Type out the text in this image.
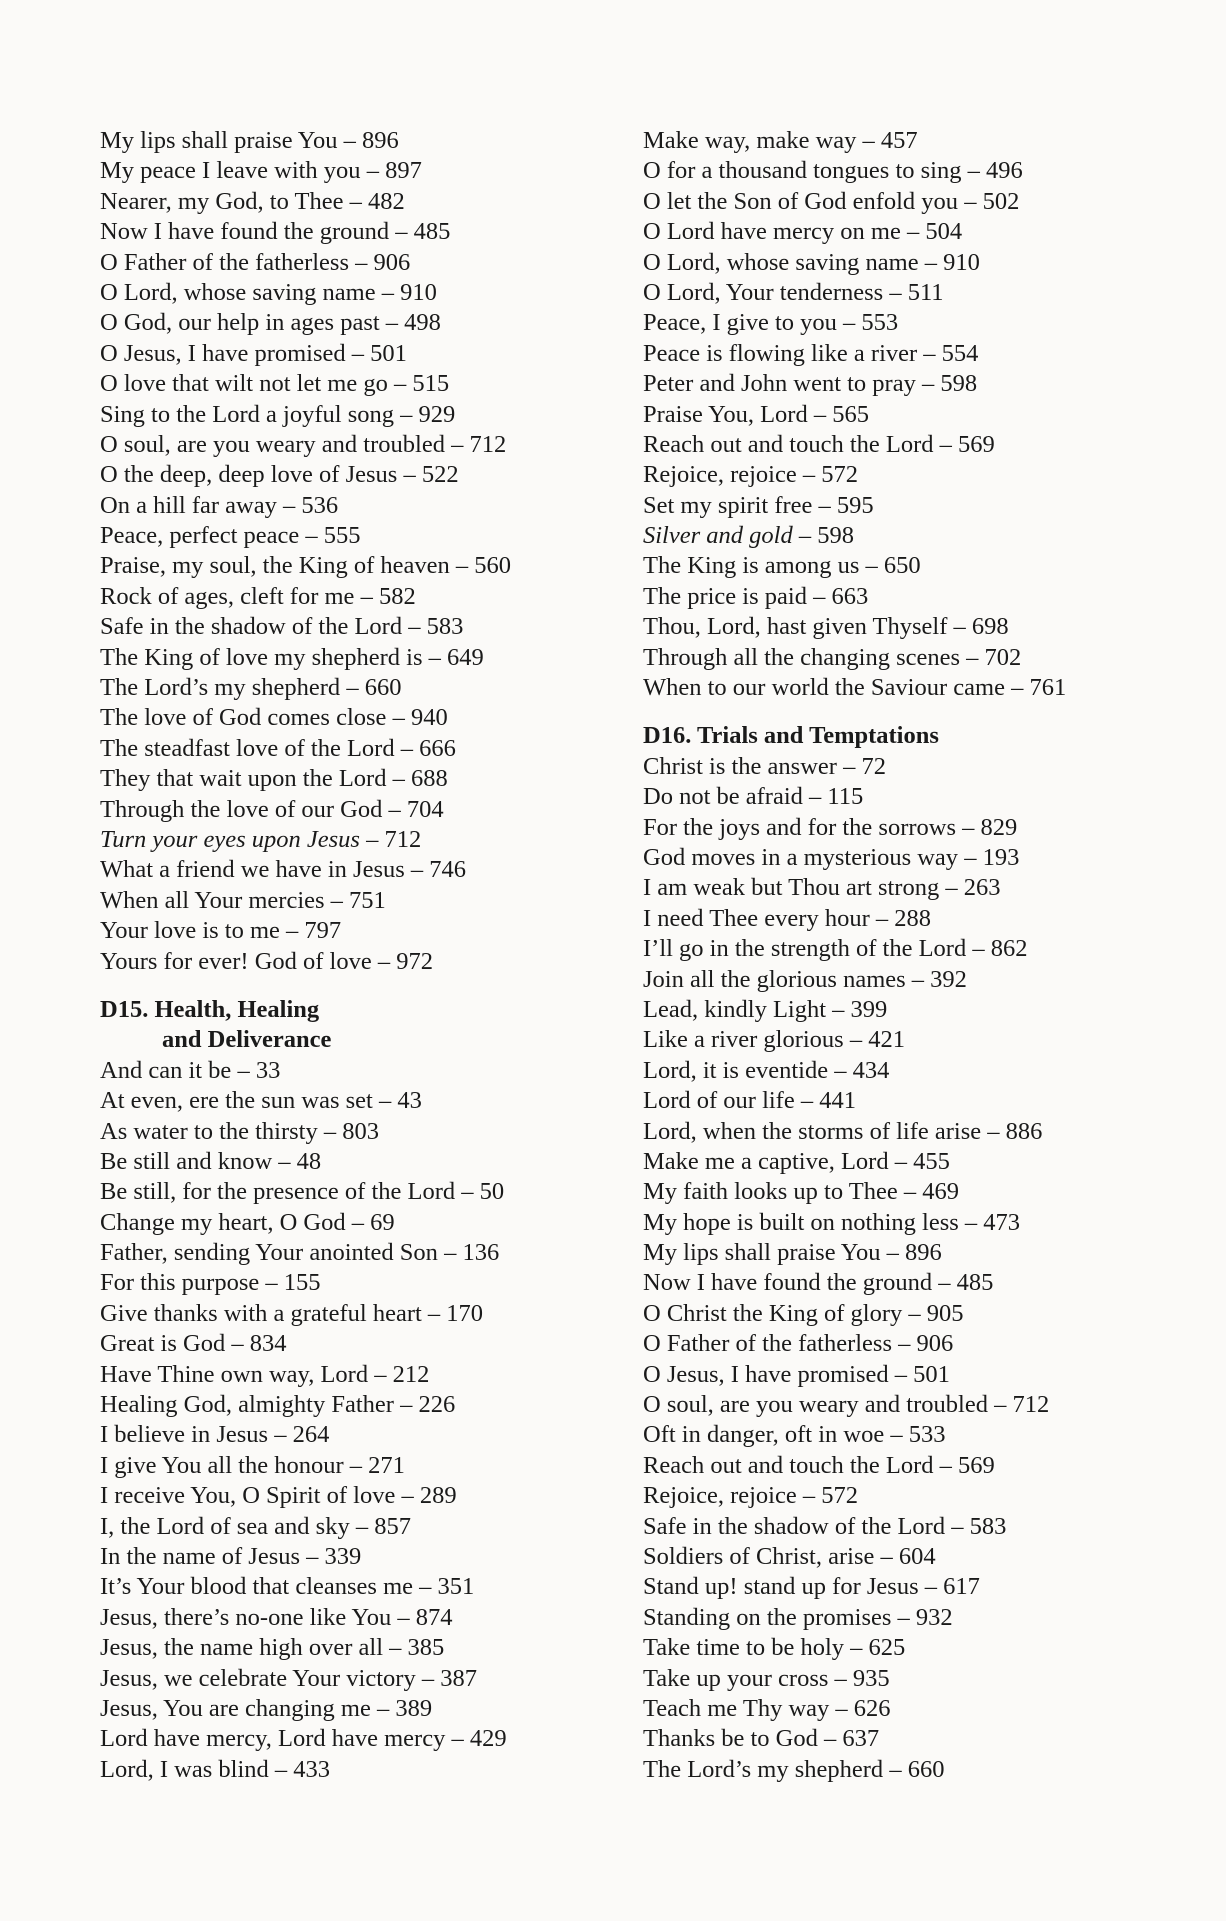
My lips shall praise You – 896
My peace I leave with you – 897
Nearer, my God, to Thee – 482
Now I have found the ground – 485
O Father of the fatherless – 906
O Lord, whose saving name – 910
O God, our help in ages past – 498
O Jesus, I have promised – 501
O love that wilt not let me go – 515
Sing to the Lord a joyful song – 929
O soul, are you weary and troubled – 712
O the deep, deep love of Jesus – 522
On a hill far away – 536
Peace, perfect peace – 555
Praise, my soul, the King of heaven – 560
Rock of ages, cleft for me – 582
Safe in the shadow of the Lord – 583
The King of love my shepherd is – 649
The Lord’s my shepherd – 660
The love of God comes close – 940
The steadfast love of the Lord – 666
They that wait upon the Lord – 688
Through the love of our God – 704
Turn your eyes upon Jesus – 712
What a friend we have in Jesus – 746
When all Your mercies – 751
Your love is to me – 797
Yours for ever! God of love – 972
D15. Health, Healing
and Deliverance
And can it be – 33
At even, ere the sun was set – 43
As water to the thirsty – 803
Be still and know – 48
Be still, for the presence of the Lord – 50
Change my heart, O God – 69
Father, sending Your anointed Son – 136
For this purpose – 155
Give thanks with a grateful heart – 170
Great is God – 834
Have Thine own way, Lord – 212
Healing God, almighty Father – 226
I believe in Jesus – 264
I give You all the honour – 271
I receive You, O Spirit of love – 289
I, the Lord of sea and sky – 857
In the name of Jesus – 339
It’s Your blood that cleanses me – 351
Jesus, there’s no-one like You – 874
Jesus, the name high over all – 385
Jesus, we celebrate Your victory – 387
Jesus, You are changing me – 389
Lord have mercy, Lord have mercy – 429
Lord, I was blind – 433
Make way, make way – 457
O for a thousand tongues to sing – 496
O let the Son of God enfold you – 502
O Lord have mercy on me – 504
O Lord, whose saving name – 910
O Lord, Your tenderness – 511
Peace, I give to you – 553
Peace is flowing like a river – 554
Peter and John went to pray – 598
Praise You, Lord – 565
Reach out and touch the Lord – 569
Rejoice, rejoice – 572
Set my spirit free – 595
Silver and gold – 598
The King is among us – 650
The price is paid – 663
Thou, Lord, hast given Thyself – 698
Through all the changing scenes – 702
When to our world the Saviour came – 761
D16. Trials and Temptations
Christ is the answer – 72
Do not be afraid – 115
For the joys and for the sorrows – 829
God moves in a mysterious way – 193
I am weak but Thou art strong – 263
I need Thee every hour – 288
I’ll go in the strength of the Lord – 862
Join all the glorious names – 392
Lead, kindly Light – 399
Like a river glorious – 421
Lord, it is eventide – 434
Lord of our life – 441
Lord, when the storms of life arise – 886
Make me a captive, Lord – 455
My faith looks up to Thee – 469
My hope is built on nothing less – 473
My lips shall praise You – 896
Now I have found the ground – 485
O Christ the King of glory – 905
O Father of the fatherless – 906
O Jesus, I have promised – 501
O soul, are you weary and troubled – 712
Oft in danger, oft in woe – 533
Reach out and touch the Lord – 569
Rejoice, rejoice – 572
Safe in the shadow of the Lord – 583
Soldiers of Christ, arise – 604
Stand up! stand up for Jesus – 617
Standing on the promises – 932
Take time to be holy – 625
Take up your cross – 935
Teach me Thy way – 626
Thanks be to God – 637
The Lord’s my shepherd – 660
